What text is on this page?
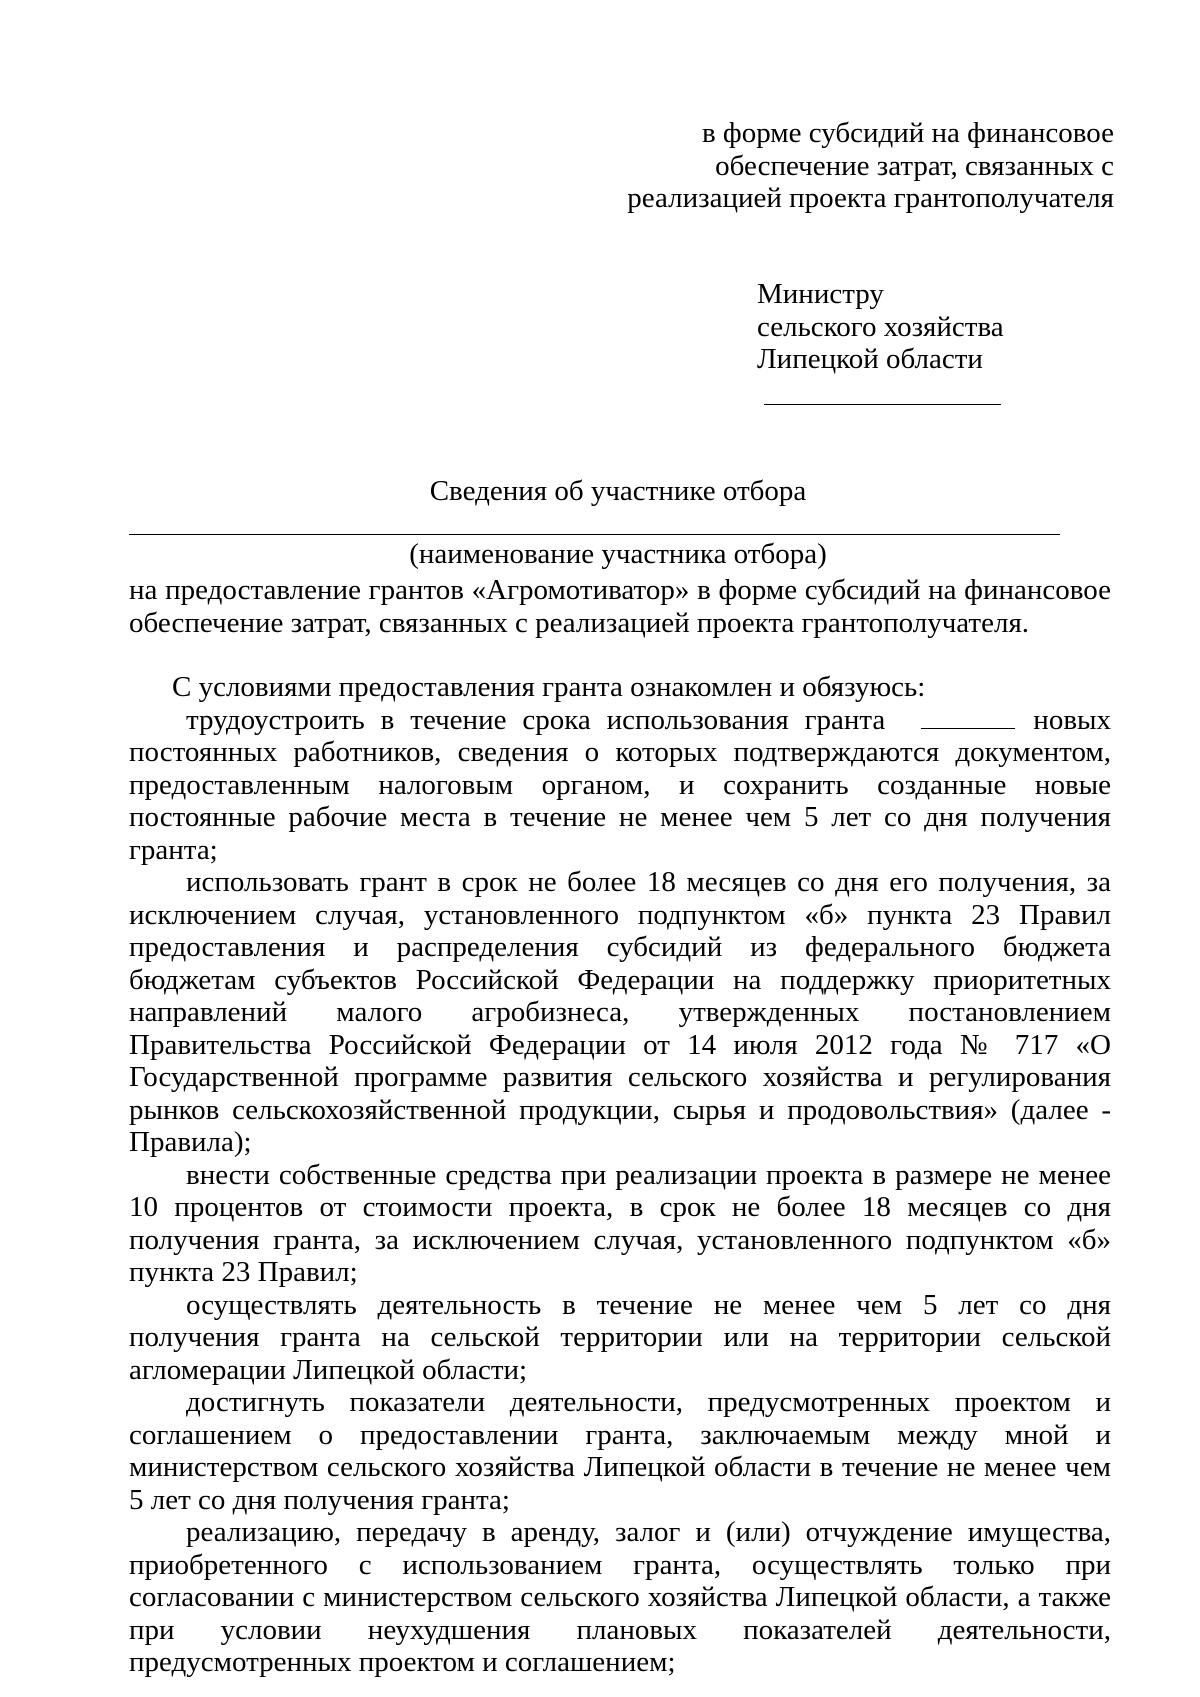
в форме субсидий на финансовое
обеспечение затрат, связанных с
реализацией проекта грантополучателя
Министру
сельского хозяйства
Липецкой области
Сведения об участнике отбора
(наименование участника отбора)

на предоставление грантов «Агромотиватор» в форме субсидий на финансовое обеспечение затрат, связанных с реализацией проекта грантополучателя.

С условиями предоставления гранта ознакомлен и обязуюсь:

трудоустроить в течение срока использования гранта	новых постоянных работников, сведения о которых подтверждаются документом, предоставленным налоговым органом, и сохранить созданные новые постоянные рабочие места в течение не менее чем 5 лет со дня получения гранта;

использовать грант в срок не более 18 месяцев со дня его получения, за исключением случая, установленного подпунктом «б» пункта 23 Правил предоставления и распределения субсидий из федерального бюджета бюджетам субъектов Российской Федерации на поддержку приоритетных направлений малого агробизнеса, утвержденных постановлением Правительства Российской Федерации от 14 июля 2012 года № 717 «О Государственной программе развития сельского хозяйства и регулирования рынков сельскохозяйственной продукции, сырья и продовольствия» (далее - Правила);

внести собственные средства при реализации проекта в размере не менее 10 процентов от стоимости проекта, в срок не более 18 месяцев со дня получения гранта, за исключением случая, установленного подпунктом «б» пункта 23 Правил;

осуществлять деятельность в течение не менее чем 5 лет со дня получения гранта на сельской территории или на территории сельской агломерации Липецкой области;

достигнуть показатели деятельности, предусмотренных проектом и соглашением о предоставлении гранта, заключаемым между мной и министерством сельского хозяйства Липецкой области в течение не менее чем 5 лет со дня получения гранта;

реализацию, передачу в аренду, залог и (или) отчуждение имущества, приобретенного с использованием гранта, осуществлять только при согласовании с министерством сельского хозяйства Липецкой области, а также при условии неухудшения плановых показателей деятельности, предусмотренных проектом и соглашением;
